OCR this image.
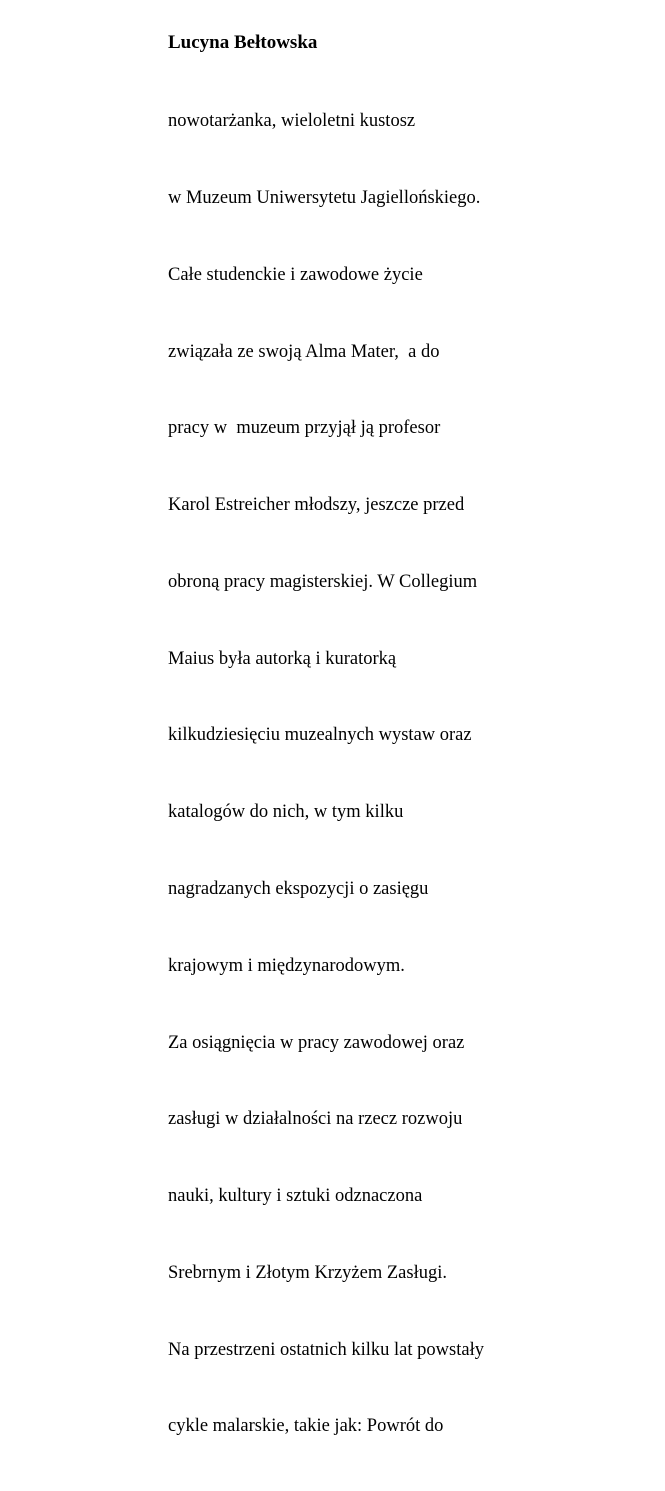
Lucyna Bełtowska

nowotarżanka, wieloletni kustosz

w Muzeum Uniwersytetu Jagiellońskiego.

Całe studenckie i zawodowe życie

związała ze swoją Alma Mater,  a do

pracy w  muzeum przyjął ją profesor

Karol Estreicher młodszy, jeszcze przed

obroną pracy magisterskiej. W Collegium

Maius była autorką i kuratorką

kilkudziesięciu muzealnych wystaw oraz

katalogów do nich, w tym kilku

nagradzanych ekspozycji o zasięgu

krajowym i międzynarodowym.

Za osiągnięcia w pracy zawodowej oraz

zasługi w działalności na rzecz rozwoju

nauki, kultury i sztuki odznaczona

Srebrnym i Złotym Krzyżem Zasługi.

Na przestrzeni ostatnich kilku lat powstały

cykle malarskie, takie jak: Powrót do
